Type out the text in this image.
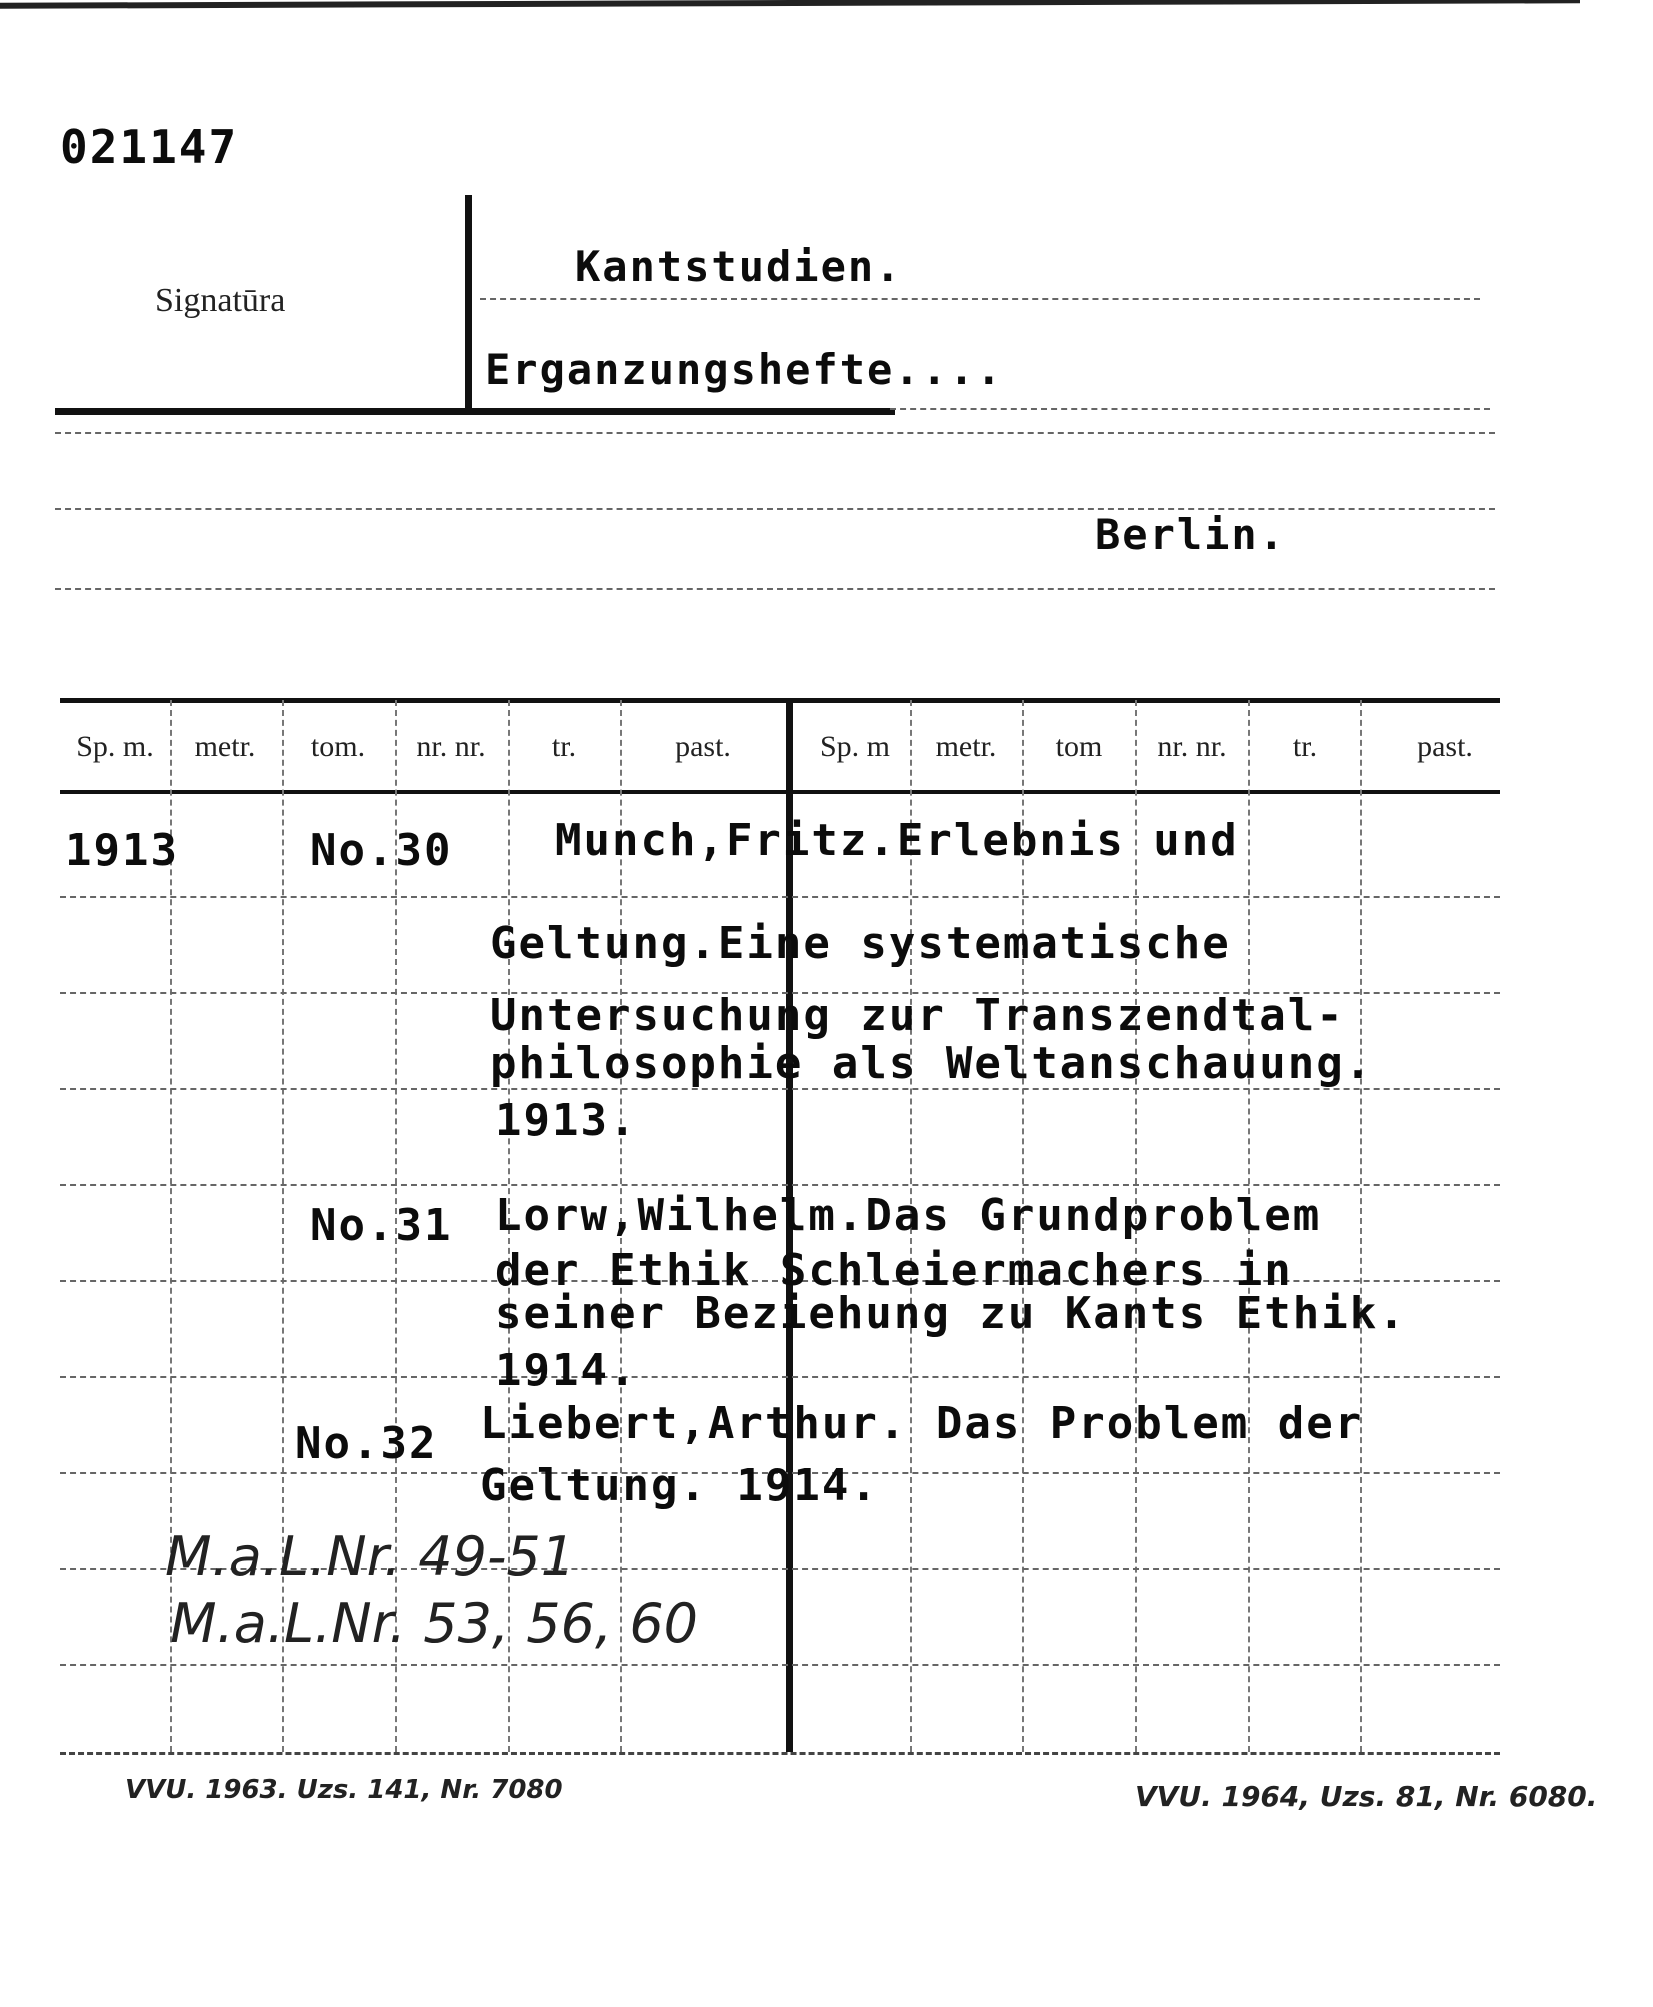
021147
Signatūra
Kantstudien.
Erganzungshefte....
Berlin.
Sp. m.	metr.	tom.	nr. nr.	tr.	past.	Sp. m	metr.	tom	nr. nr.	tr.	past.
1913	No.30 Munch,Fritz.Erlebnis und
Geltung.Eine systematische
Untersuchung zur Transzendtal-
philosophie als Weltanschauung.
1913.
No.31 Lorw,Wilhelm.Das Grundproblem
der Ethik Schleiermachers in
seiner Beziehung zu Kants Ethik.
1914.
No.32 Liebert,Arthur. Das Problem der
Geltung. 1914.
M.a.L.Nr. 49-51
M.a.L.Nr. 53, 56, 60
VVU. 1963. Uzs. 141, Nr. 7080	VVU. 1964, Uzs. 81, Nr. 6080.
